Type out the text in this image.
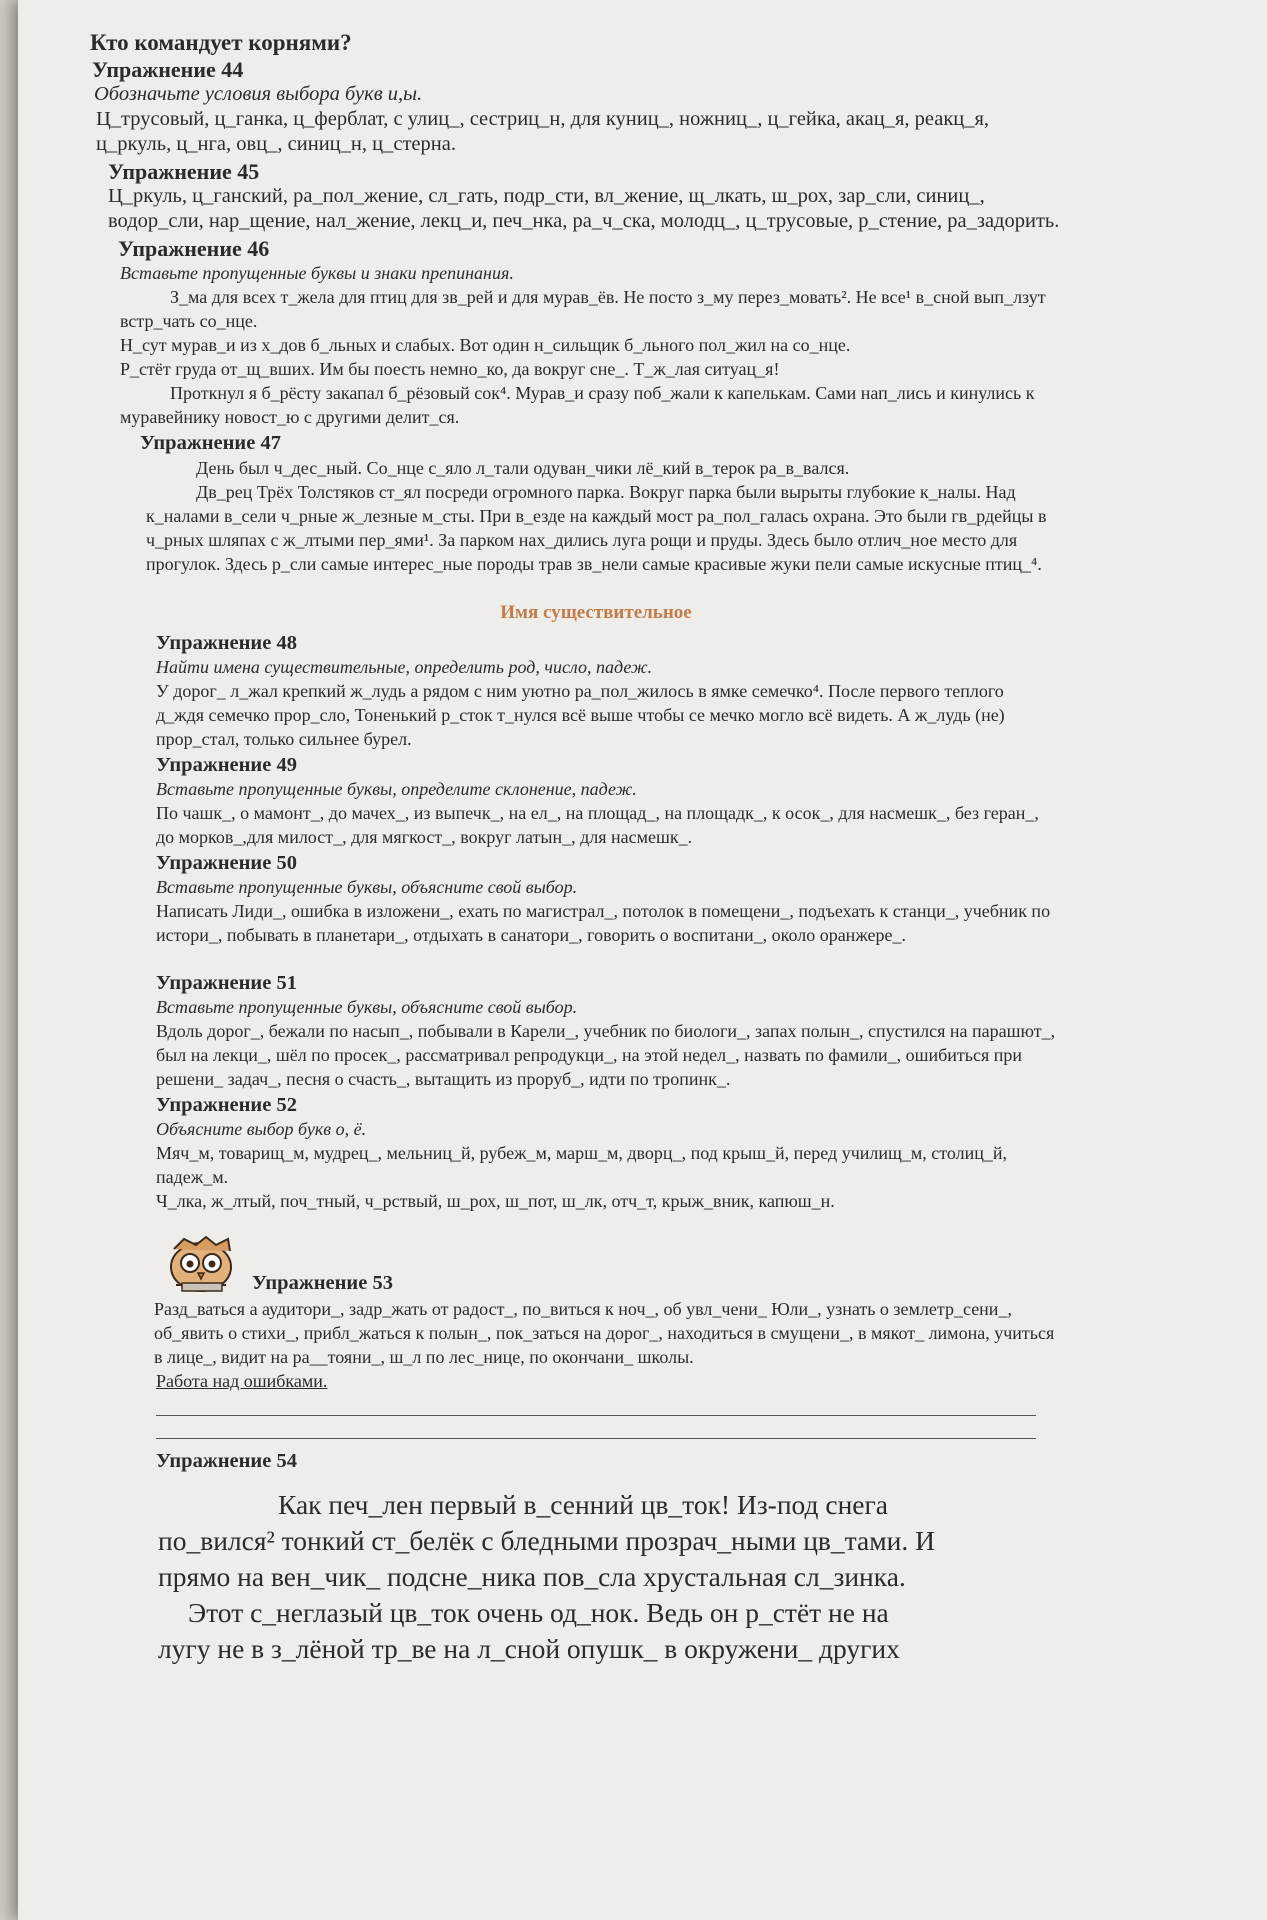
Кто командует корнями?
Упражнение 44

Обозначьте условия выбора букв и,ы.

Ц_трусовый, ц_ганка, ц_ферблат, с улиц_, сестриц_н, для куниц_, ножниц_, ц_гейка, акац_я, реакц_я, ц_ркуль, ц_нга, овц_, синиц_н, ц_стерна.

Упражнение 45

Ц_ркуль, ц_ганский, ра_пол_жение, сл_гать, подр_сти, вл_жение, щ_лкать, ш_рох, зар_сли, синиц_, водор_сли, нар_щение, нал_жение, лекц_и, печ_нка, ра_ч_ска, молодц_, ц_трусовые, р_стение, ра_задорить.

Упражнение 46

Вставьте пропущенные буквы и знаки препинания.

З_ма для всех т_жела для птиц для зв_рей и для мурав_ёв. Не посто з_му перез_мовать². Не все¹ в_сной вып_лзут встр_чать со_нце.

Н_сут мурав_и из х_дов б_льных и слабых. Вот один н_сильщик б_льного пол_жил на со_нце.

Р_стёт груда от_щ_вших. Им бы поесть немно_ко, да вокруг сне_. Т_ж_лая ситуац_я!

Проткнул я б_рёсту закапал б_рёзовый сок⁴. Мурав_и сразу поб_жали к капелькам. Сами нап_лись и кинулись к муравейнику новост_ю с другими делит_ся.

Упражнение 47

День был ч_дес_ный. Со_нце с_яло л_тали одуван_чики лё_кий в_терок ра_в_вался.

Дв_рец Трёх Толстяков ст_ял посреди огромного парка. Вокруг парка были вырыты глубокие к_налы. Над к_налами в_сели ч_рные ж_лезные м_сты. При в_езде на каждый мост ра_пол_галась охрана. Это были гв_рдейцы в ч_рных шляпах с ж_лтыми пер_ями¹. За парком нах_дились луга рощи и пруды. Здесь было отлич_ное место для прогулок. Здесь р_сли самые интерес_ные породы трав зв_нели самые красивые жуки пели самые искусные птиц_⁴.

Имя существительное
Упражнение 48

Найти имена существительные, определить род, число, падеж.

У дорог_ л_жал крепкий ж_лудь а рядом с ним уютно ра_пол_жилось в ямке семечко⁴. После первого теплого д_ждя семечко прор_сло, Тоненький р_сток т_нулся всё выше чтобы се мечко могло всё видеть. А ж_лудь (не) прор_стал, только сильнее бурел.

Упражнение 49

Вставьте пропущенные буквы, определите склонение, падеж.

По чашк_, о мамонт_, до мачех_, из выпечк_, на ел_, на площад_, на площадк_, к осок_, для насмешк_, без геран_, до морков_,для милост_, для мягкост_, вокруг латын_, для насмешк_.

Упражнение 50

Вставьте пропущенные буквы, объясните свой выбор.

Написать Лиди_, ошибка в изложени_, ехать по магистрал_, потолок в помещени_, подъехать к станци_, учебник по истори_, побывать в планетари_, отдыхать в санатори_, говорить о воспитани_, около оранжере_.

Упражнение 51

Вставьте пропущенные буквы, объясните свой выбор.

Вдоль дорог_, бежали по насып_, побывали в Карели_, учебник по биологи_, запах полын_, спустился на парашют_, был на лекци_, шёл по просек_, рассматривал репродукци_, на этой недел_, назвать по фамили_, ошибиться при решени_ задач_, песня о счасть_, вытащить из проруб_, идти по тропинк_.

Упражнение 52

Объясните выбор букв о, ё.

Мяч_м, товарищ_м, мудрец_, мельниц_й, рубеж_м, марш_м, дворц_, под крыш_й, перед училищ_м, столиц_й, падеж_м.

Ч_лка, ж_лтый, поч_тный, ч_рствый, ш_рох, ш_пот, ш_лк, отч_т, крыж_вник, капюш_н.

Упражнение 53

Разд_ваться а аудитори_, задр_жать от радост_, по_виться к ноч_, об увл_чени_ Юли_, узнать о землетр_сени_, об_явить о стихи_, прибл_жаться к полын_, пок_заться на дорог_, находиться в смущени_, в мякот_ лимона, учиться в лице_, видит на ра__тояни_, ш_л по лес_нице, по окончани_ школы.

Работа над ошибками.

Упражнение 54

Как печ_лен первый в_сенний цв_ток! Из-под снега

по_вился² тонкий ст_белёк с бледными прозрач_ными цв_тами. И

прямо на вен_чик_ подсне_ника пов_сла хрустальная сл_зинка.

Этот с_неглазый цв_ток очень од_нок. Ведь он р_стёт не на

лугу не в з_лёной тр_ве на л_сной опушк_ в окружени_ других
